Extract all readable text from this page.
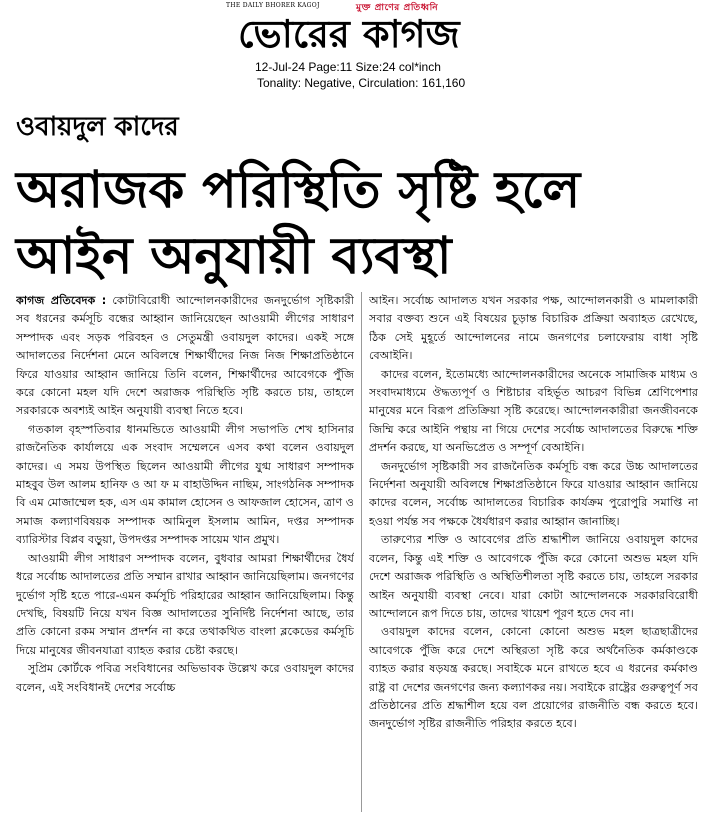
THE DAILY BHORER KAGOJ	মুক্ত প্রাণের প্রতিধ্বনি
ভোরের কাগজ
12-Jul-24 Page:11 Size:24 col*inch
Tonality: Negative, Circulation: 161,160
ওবায়দুল কাদের
অরাজক পরিস্থিতি সৃষ্টি হলে
আইন অনুযায়ী ব্যবস্থা

কাগজ প্রতিবেদক : কোটাবিরোধী আন্দোলনকারীদের জনদুর্ভোগ সৃষ্টিকারী সব ধরনের কর্মসূচি বন্ধের আহ্বান জানিয়েছেন আওয়ামী লীগের সাধারণ সম্পাদক এবং সড়ক পরিবহন ও সেতুমন্ত্রী ওবায়দুল কাদের। একই সঙ্গে আদালতের নির্দেশনা মেনে অবিলম্বে শিক্ষার্থীদের নিজ নিজ শিক্ষাপ্রতিষ্ঠানে ফিরে যাওয়ার আহ্বান জানিয়ে তিনি বলেন, শিক্ষার্থীদের আবেগকে পুঁজি করে কোনো মহল যদি দেশে অরাজক পরিস্থিতি সৃষ্টি করতে চায়, তাহলে সরকারকে অবশ্যই আইন অনুযায়ী ব্যবস্থা নিতে হবে।

গতকাল বৃহস্পতিবার ধানমন্ডিতে আওয়ামী লীগ সভাপতি শেখ হাসিনার রাজনৈতিক কার্যালয়ে এক সংবাদ সম্মেলনে এসব কথা বলেন ওবায়দুল কাদের। এ সময় উপস্থিত ছিলেন আওয়ামী লীগের যুগ্ম সাধারণ সম্পাদক মাহবুব উল আলম হানিফ ও আ ফ ম বাহাউদ্দিন নাছিম, সাংগঠনিক সম্পাদক বি এম মোজাম্মেল হক, এস এম কামাল হোসেন ও আফজাল হোসেন, ত্রাণ ও সমাজ কল্যাণবিষয়ক সম্পাদক আমিনুল ইসলাম আমিন, দপ্তর সম্পাদক ব্যারিস্টার বিপ্লব বড়ুয়া, উপদপ্তর সম্পাদক সায়েম খান প্রমুখ।

আওয়ামী লীগ সাধারণ সম্পাদক বলেন, বুধবার আমরা শিক্ষার্থীদের ধৈর্য ধরে সর্বোচ্চ আদালতের প্রতি সম্মান রাখার আহ্বান জানিয়েছিলাম। জনগণের দুর্ভোগ সৃষ্টি হতে পারে-এমন কর্মসূচি পরিহারের আহ্বান জানিয়েছিলাম। কিন্তু দেখছি, বিষয়টি নিয়ে যখন বিজ্ঞ আদালতের সুনির্দিষ্ট নির্দেশনা আছে, তার প্রতি কোনো রকম সম্মান প্রদর্শন না করে তথাকথিত বাংলা ব্লকেডের কর্মসূচি দিয়ে মানুষের জীবনযাত্রা ব্যাহত করার চেষ্টা করছে।

সুপ্রিম কোর্টকে পবিত্র সংবিধানের অভিভাবক উল্লেখ করে ওবায়দুল কাদের বলেন, এই সংবিধানই দেশের সর্বোচ্চ

আইন। সর্বোচ্চ আদালত যখন সরকার পক্ষ, আন্দোলনকারী ও মামলাকারী সবার বক্তব্য শুনে এই বিষয়ের চূড়ান্ত বিচারিক প্রক্রিয়া অব্যাহত রেখেছে, ঠিক সেই মুহূর্তে আন্দোলনের নামে জনগণের চলাফেরায় বাধা সৃষ্টি বেআইনি।

কাদের বলেন, ইতোমধ্যে আন্দোলনকারীদের অনেকে সামাজিক মাধ্যম ও সংবাদমাধ্যমে ঔদ্ধত্যপূর্ণ ও শিষ্টাচার বহির্ভূত আচরণ বিভিন্ন শ্রেণিপেশার মানুষের মনে বিরূপ প্রতিক্রিয়া সৃষ্টি করেছে। আন্দোলনকারীরা জনজীবনকে জিম্মি করে আইনি পন্থায় না গিয়ে দেশের সর্বোচ্চ আদালতের বিরুদ্ধে শক্তি প্রদর্শন করছে, যা অনভিপ্রেত ও সম্পূর্ণ বেআইনি।

জনদুর্ভোগ সৃষ্টিকারী সব রাজনৈতিক কর্মসূচি বন্ধ করে উচ্চ আদালতের নির্দেশনা অনুযায়ী অবিলম্বে শিক্ষাপ্রতিষ্ঠানে ফিরে যাওয়ার আহ্বান জানিয়ে কাদের বলেন, সর্বোচ্চ আদালতের বিচারিক কার্যক্রম পুরোপুরি সমাপ্তি না হওয়া পর্যন্ত সব পক্ষকে ধৈর্যধারণ করার আহ্বান জানাচ্ছি।

তারুণ্যের শক্তি ও আবেগের প্রতি শ্রদ্ধাশীল জানিয়ে ওবায়দুল কাদের বলেন, কিন্তু এই শক্তি ও আবেগকে পুঁজি করে কোনো অশুভ মহল যদি দেশে অরাজক পরিস্থিতি ও অস্থিতিশীলতা সৃষ্টি করতে চায়, তাহলে সরকার আইন অনুযায়ী ব্যবস্থা নেবে। যারা কোটা আন্দোলনকে সরকারবিরোধী আন্দোলনে রূপ দিতে চায়, তাদের খায়েশ পূরণ হতে দেব না।

ওবায়দুল কাদের বলেন, কোনো কোনো অশুভ মহল ছাত্রছাত্রীদের আবেগকে পুঁজি করে দেশে অস্থিরতা সৃষ্টি করে অর্থনৈতিক কর্মকাণ্ডকে ব্যাহত করার ষড়যন্ত্র করছে। সবাইকে মনে রাখতে হবে এ ধরনের কর্মকাণ্ড রাষ্ট্র বা দেশের জনগণের জন্য কল্যাণকর নয়। সবাইকে রাষ্ট্রের গুরুত্বপূর্ণ সব প্রতিষ্ঠানের প্রতি শ্রদ্ধাশীল হয়ে বল প্রয়োগের রাজনীতি বন্ধ করতে হবে। জনদুর্ভোগ সৃষ্টির রাজনীতি পরিহার করতে হবে।
